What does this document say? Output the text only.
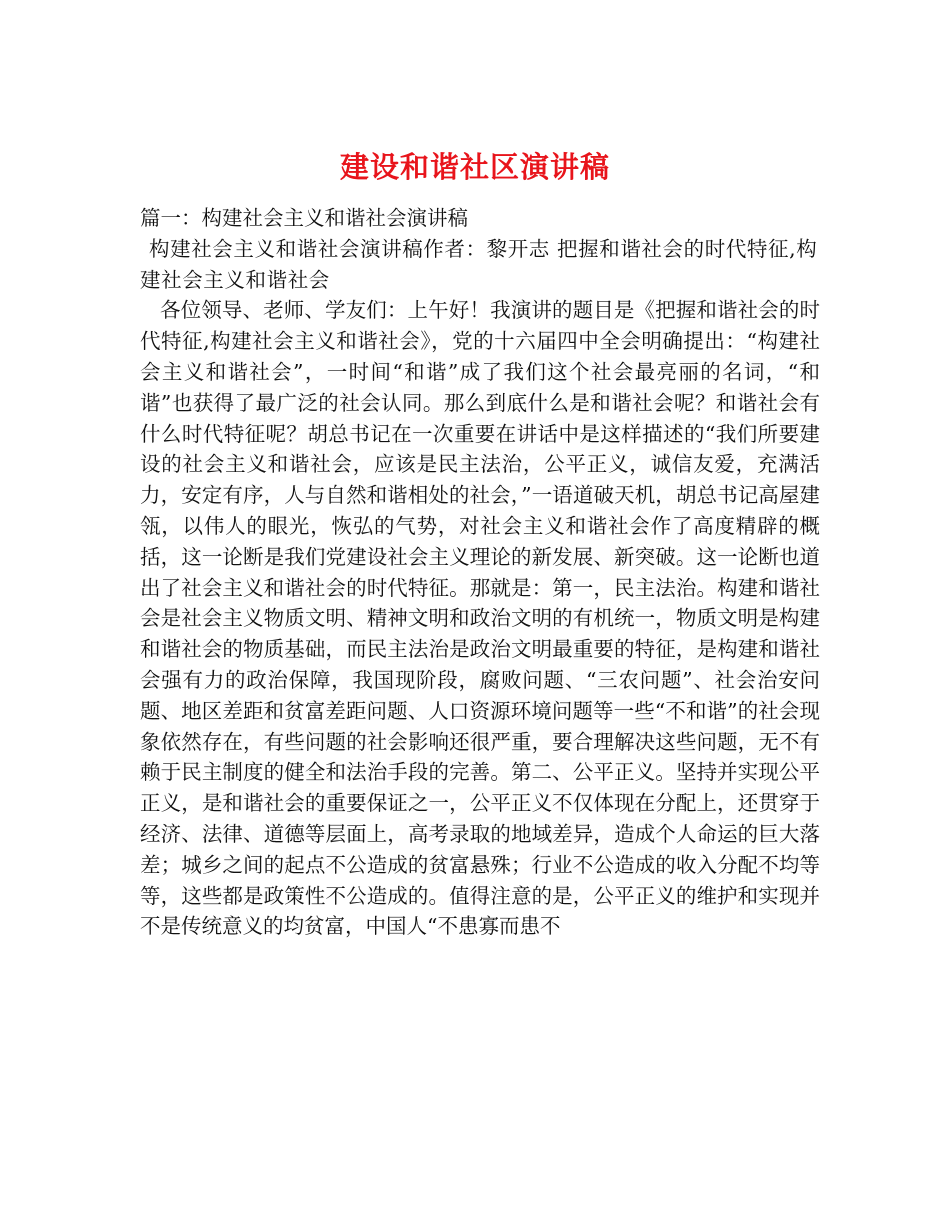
建设和谐社区演讲稿

篇一：构建社会主义和谐社会演讲稿

构建社会主义和谐社会演讲稿作者：黎开志 把握和谐社会的时代特征,构建社会主义和谐社会

各位领导、老师、学友们：上午好！我演讲的题目是《把握和谐社会的时代特征,构建社会主义和谐社会》，党的十六届四中全会明确提出：“构建社会主义和谐社会”，一时间“和谐”成了我们这个社会最亮丽的名词，“和谐”也获得了最广泛的社会认同。那么到底什么是和谐社会呢？和谐社会有什么时代特征呢？胡总书记在一次重要在讲话中是这样描述的“我们所要建设的社会主义和谐社会，应该是民主法治，公平正义，诚信友爱，充满活力，安定有序，人与自然和谐相处的社会，”一语道破天机，胡总书记高屋建瓴，以伟人的眼光，恢弘的气势，对社会主义和谐社会作了高度精辟的概括，这一论断是我们党建设社会主义理论的新发展、新突破。这一论断也道出了社会主义和谐社会的时代特征。那就是：第一，民主法治。构建和谐社会是社会主义物质文明、精神文明和政治文明的有机统一，物质文明是构建和谐社会的物质基础，而民主法治是政治文明最重要的特征，是构建和谐社会强有力的政治保障，我国现阶段，腐败问题、“三农问题”、社会治安问题、地区差距和贫富差距问题、人口资源环境问题等一些“不和谐”的社会现象依然存在，有些问题的社会影响还很严重，要合理解决这些问题，无不有赖于民主制度的健全和法治手段的完善。第二、公平正义。坚持并实现公平正义，是和谐社会的重要保证之一，公平正义不仅体现在分配上，还贯穿于经济、法律、道德等层面上，高考录取的地域差异，造成个人命运的巨大落差；城乡之间的起点不公造成的贫富悬殊；行业不公造成的收入分配不均等等，这些都是政策性不公造成的。值得注意的是，公平正义的维护和实现并不是传统意义的均贫富，中国人“不患寡而患不
